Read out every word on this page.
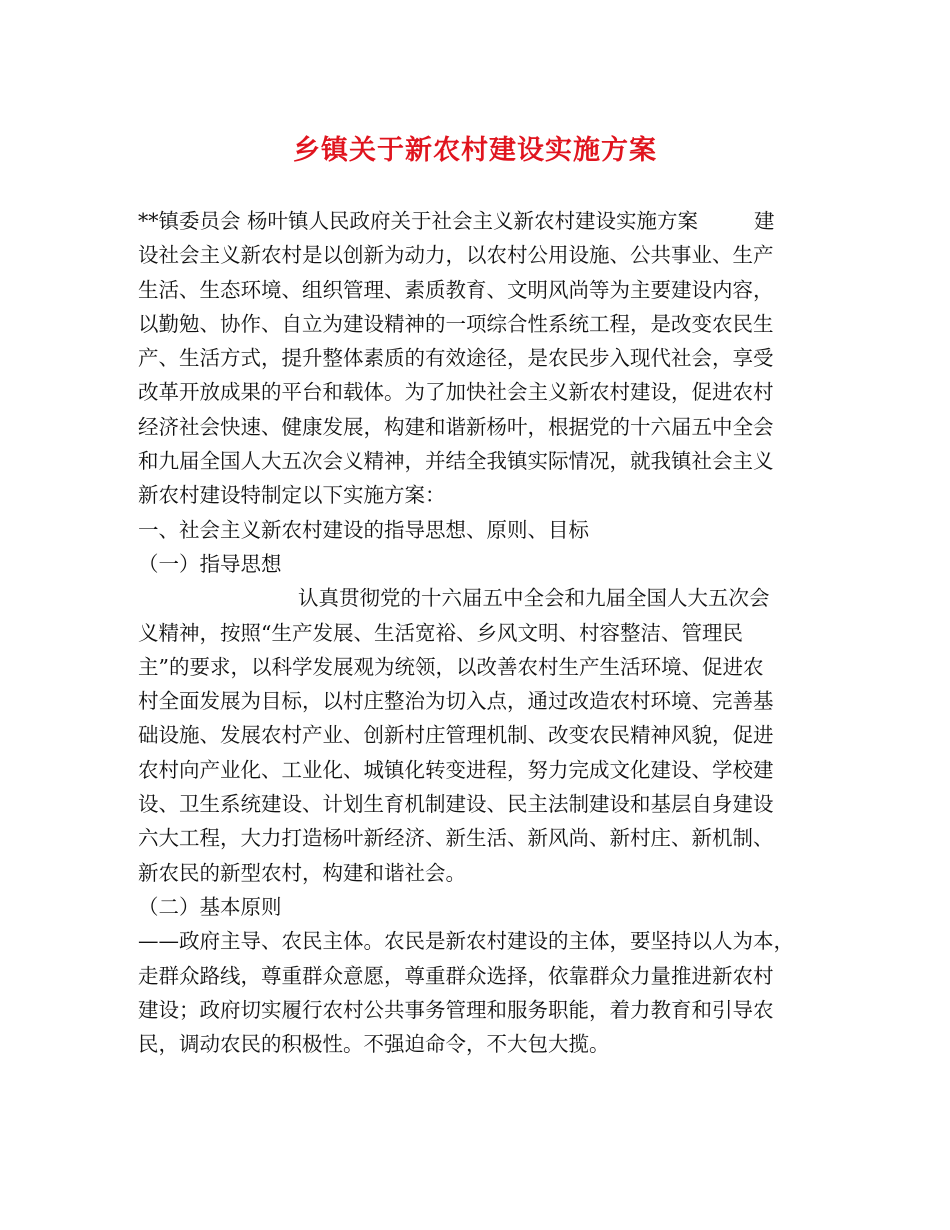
乡镇关于新农村建设实施方案
**镇委员会 杨叶镇人民政府关于社会主义新农村建设实施方案	建
设社会主义新农村是以创新为动力，以农村公用设施、公共事业、生产
生活、生态环境、组织管理、素质教育、文明风尚等为主要建设内容，
以勤勉、协作、自立为建设精神的一项综合性系统工程，是改变农民生
产、生活方式，提升整体素质的有效途径，是农民步入现代社会，享受
改革开放成果的平台和载体。为了加快社会主义新农村建设，促进农村
经济社会快速、健康发展，构建和谐新杨叶，根据党的十六届五中全会
和九届全国人大五次会义精神，并结全我镇实际情况，就我镇社会主义
新农村建设特制定以下实施方案：
一、社会主义新农村建设的指导思想、原则、目标
（一）指导思想
认真贯彻党的十六届五中全会和九届全国人大五次会
义精神，按照“生产发展、生活宽裕、乡风文明、村容整洁、管理民
主”的要求，以科学发展观为统领，以改善农村生产生活环境、促进农
村全面发展为目标，以村庄整治为切入点，通过改造农村环境、完善基
础设施、发展农村产业、创新村庄管理机制、改变农民精神风貌，促进
农村向产业化、工业化、城镇化转变进程，努力完成文化建设、学校建
设、卫生系统建设、计划生育机制建设、民主法制建设和基层自身建设
六大工程，大力打造杨叶新经济、新生活、新风尚、新村庄、新机制、
新农民的新型农村，构建和谐社会。
（二）基本原则
——政府主导、农民主体。农民是新农村建设的主体，要坚持以人为本，
走群众路线，尊重群众意愿，尊重群众选择，依靠群众力量推进新农村
建设；政府切实履行农村公共事务管理和服务职能，着力教育和引导农
民，调动农民的积极性。不强迫命令，不大包大揽。
